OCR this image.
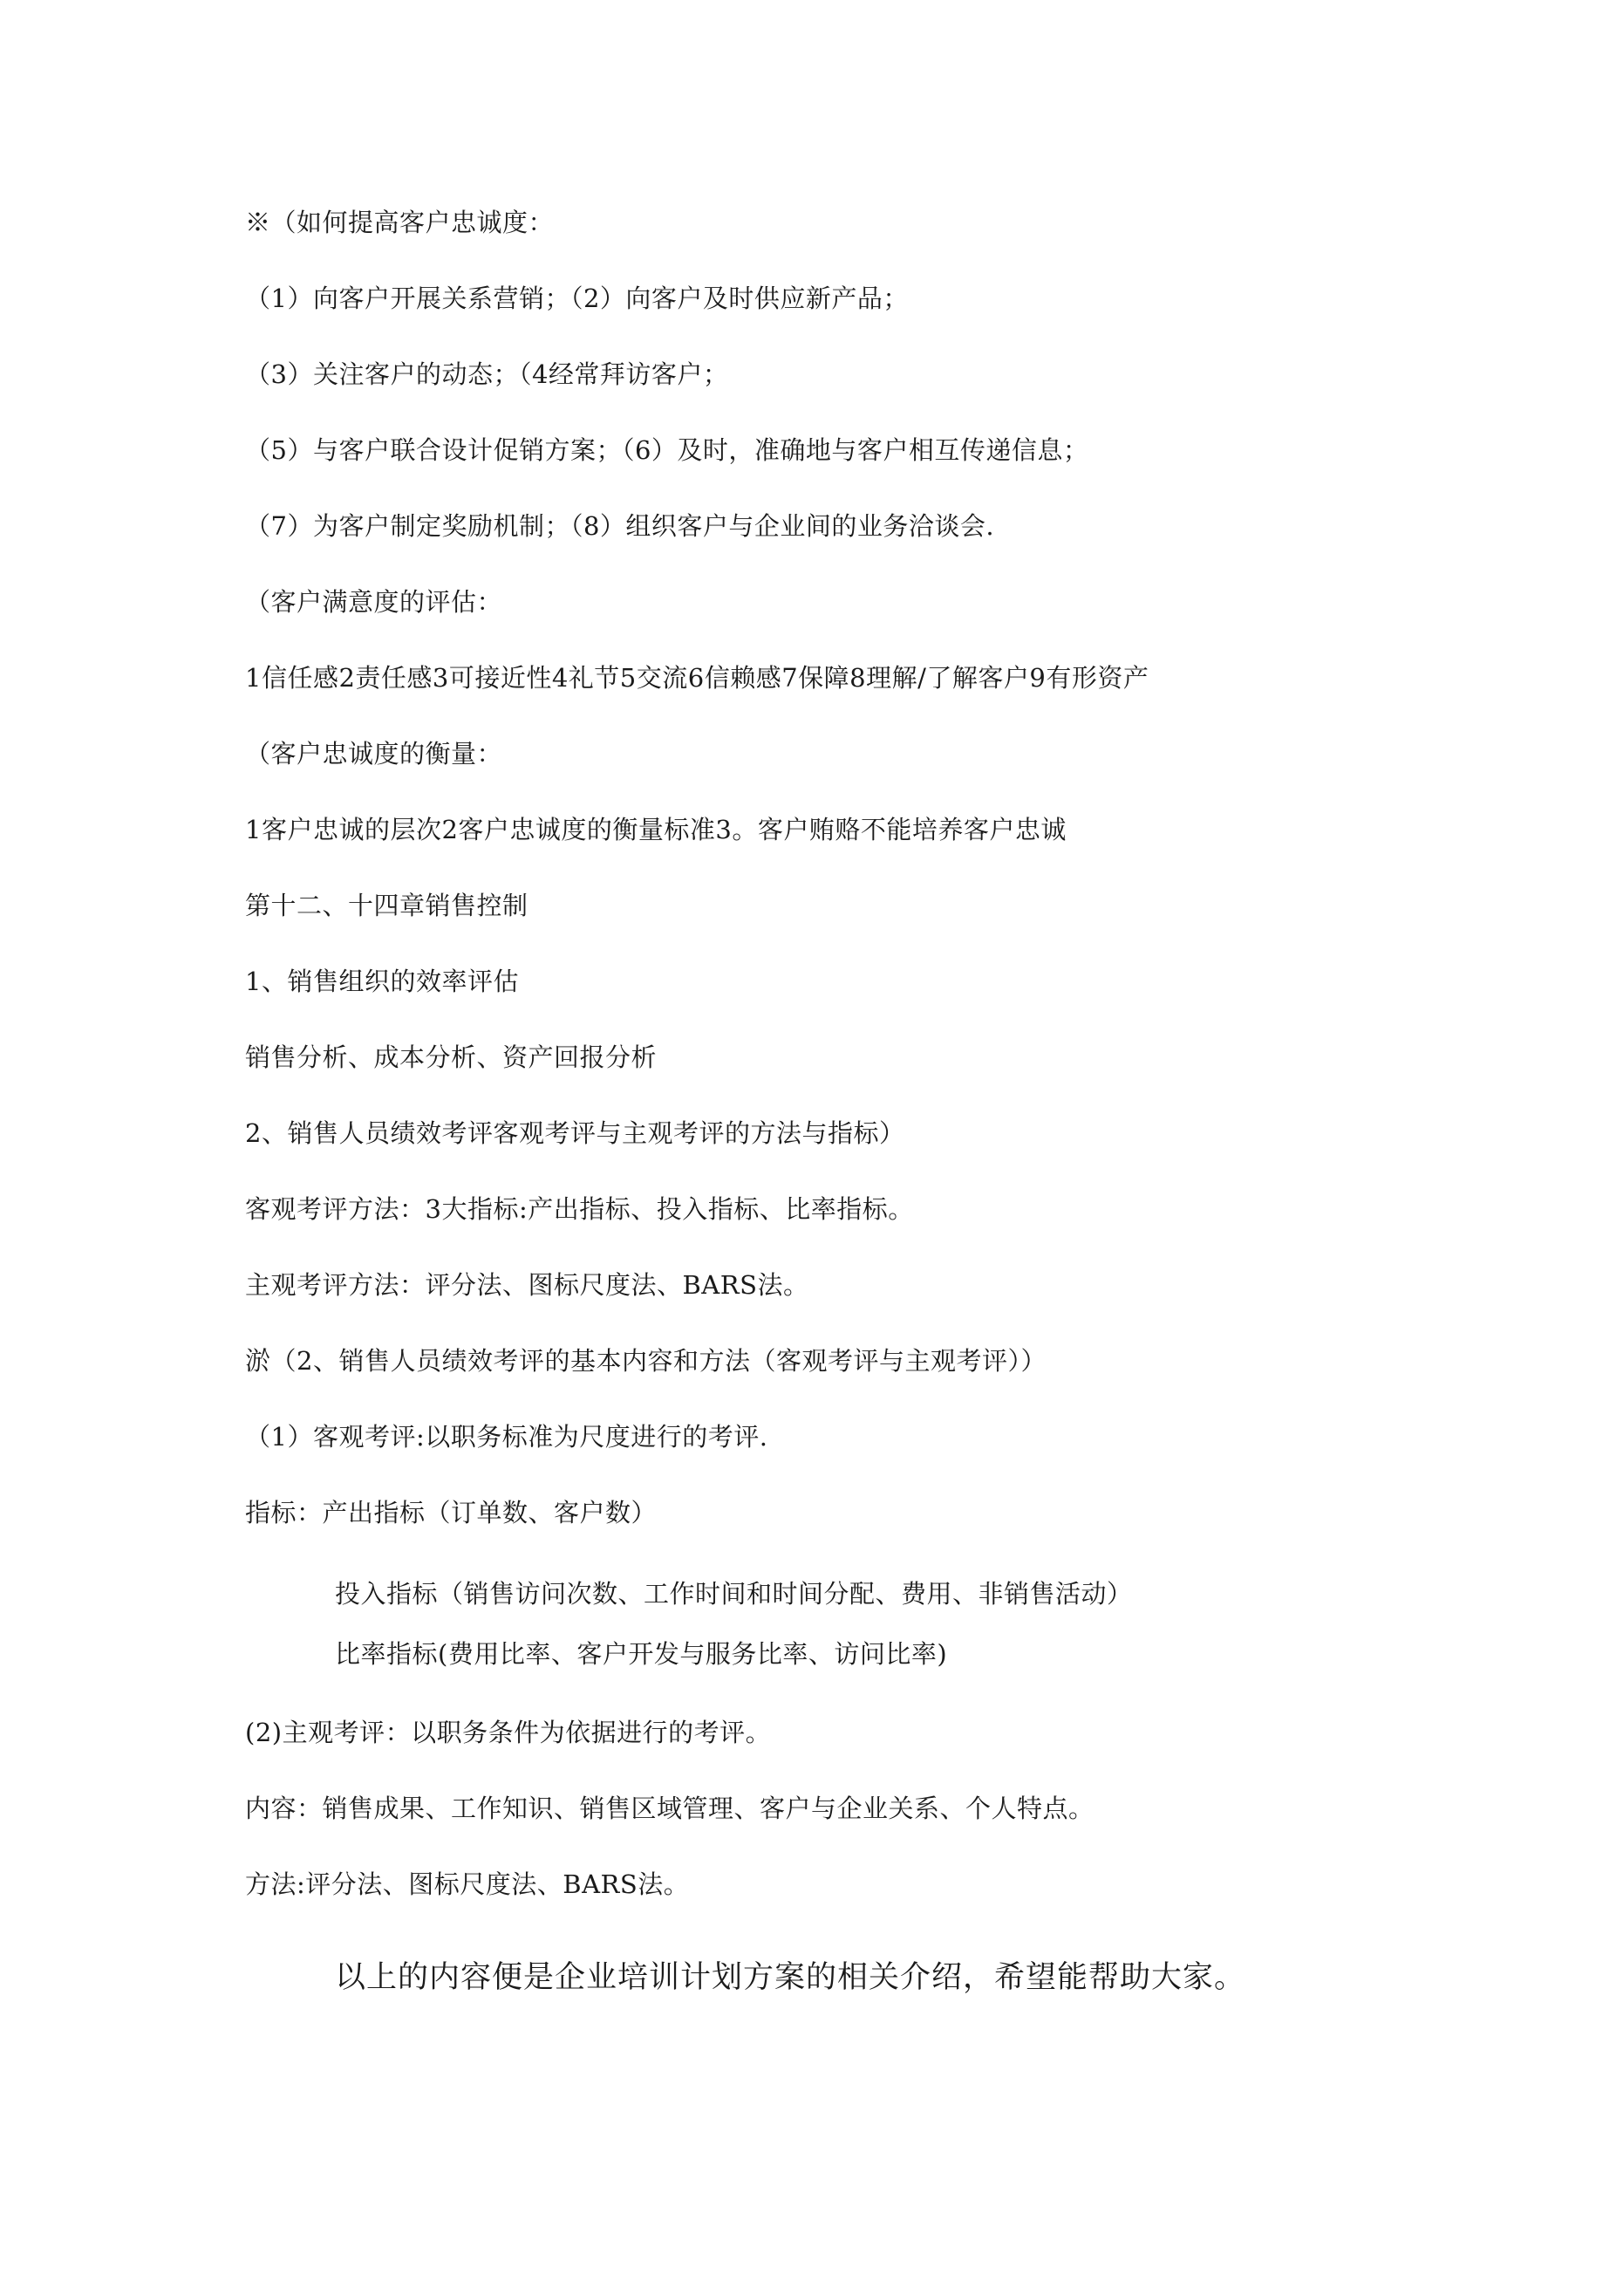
※（如何提高客户忠诚度：
（1）向客户开展关系营销；（2）向客户及时供应新产品；
（3）关注客户的动态；（4经常拜访客户；
（5）与客户联合设计促销方案；（6）及时，准确地与客户相互传递信息；
（7）为客户制定奖励机制；（8）组织客户与企业间的业务洽谈会.
（客户满意度的评估：
1信任感2责任感3可接近性4礼节5交流6信赖感7保障8理解/了解客户9有形资产
（客户忠诚度的衡量：
1客户忠诚的层次2客户忠诚度的衡量标准3。客户贿赂不能培养客户忠诚
第十二、十四章销售控制
1、销售组织的效率评估
销售分析、成本分析、资产回报分析
2、销售人员绩效考评客观考评与主观考评的方法与指标）
客观考评方法：3大指标:产出指标、投入指标、比率指标。
主观考评方法：评分法、图标尺度法、BARS法。
淤（2、销售人员绩效考评的基本内容和方法（客观考评与主观考评））
（1）客观考评:以职务标准为尺度进行的考评.
指标：产出指标（订单数、客户数）
投入指标（销售访问次数、工作时间和时间分配、费用、非销售活动）
比率指标(费用比率、客户开发与服务比率、访问比率)
(2)主观考评：以职务条件为依据进行的考评。
内容：销售成果、工作知识、销售区域管理、客户与企业关系、个人特点。
方法:评分法、图标尺度法、BARS法。
以上的内容便是企业培训计划方案的相关介绍，希望能帮助大家。
